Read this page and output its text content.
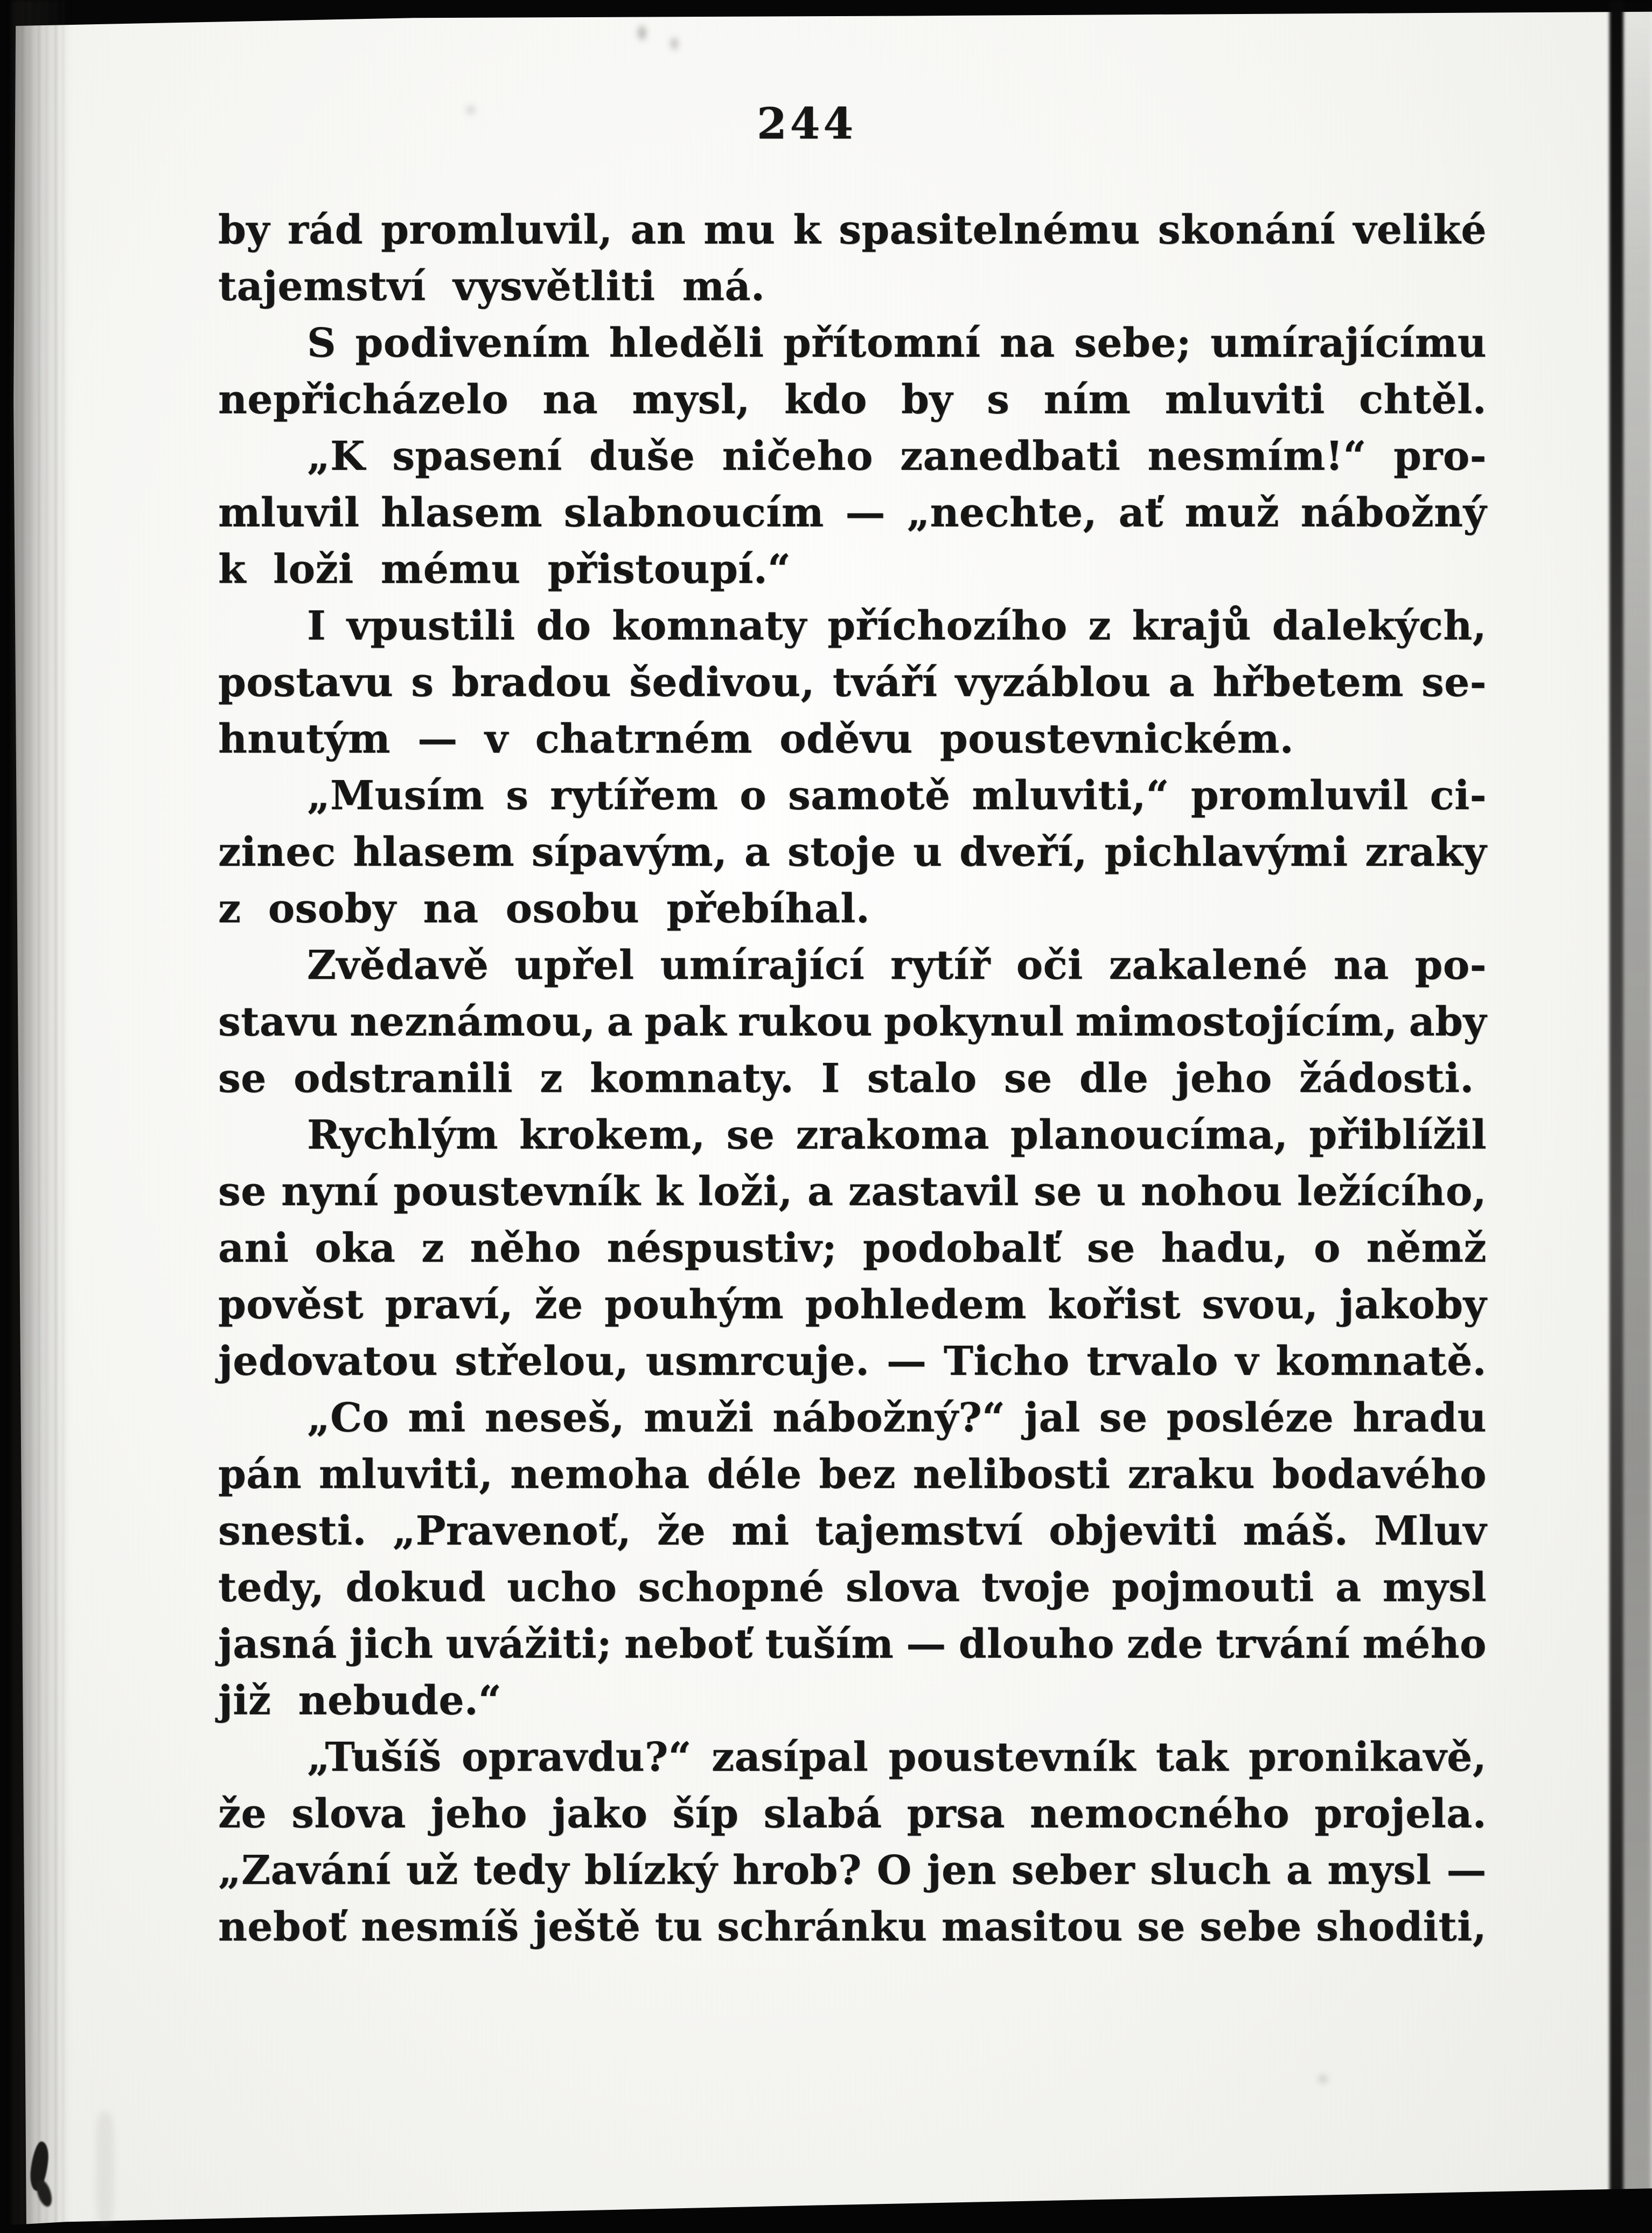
244
by rád promluvil, an mu k spasitelnému skonání veliké
tajemství vysvětliti má.
S podivením hleděli přítomní na sebe; umírajícímu
nepřicházelo na mysl, kdo by s ním mluviti chtěl.
„K spasení duše ničeho zanedbati nesmím!“ pro-
mluvil hlasem slabnoucím — „nechte, ať muž nábožný
k loži mému přistoupí.“
I vpustili do komnaty příchozího z krajů dalekých,
postavu s bradou šedivou, tváří vyzáblou a hřbetem se-
hnutým — v chatrném oděvu poustevnickém.
„Musím s rytířem o samotě mluviti,“ promluvil ci-
zinec hlasem sípavým, a stoje u dveří, pichlavými zraky
z osoby na osobu přebíhal.
Zvědavě upřel umírající rytíř oči zakalené na po-
stavu neznámou, a pak rukou pokynul mimostojícím, aby
se odstranili z komnaty. I stalo se dle jeho žádosti.
Rychlým krokem, se zrakoma planoucíma, přiblížil
se nyní poustevník k loži, a zastavil se u nohou ležícího,
ani oka z něho néspustiv; podobalť se hadu, o němž
pověst praví, že pouhým pohledem kořist svou, jakoby
jedovatou střelou, usmrcuje. — Ticho trvalo v komnatě.
„Co mi neseš, muži nábožný?“ jal se posléze hradu
pán mluviti, nemoha déle bez nelibosti zraku bodavého
snesti. „Pravenoť, že mi tajemství objeviti máš. Mluv
tedy, dokud ucho schopné slova tvoje pojmouti a mysl
jasná jich uvážiti; neboť tuším — dlouho zde trvání mého
již nebude.“
„Tušíš opravdu?“ zasípal poustevník tak pronikavě,
že slova jeho jako šíp slabá prsa nemocného projela.
„Zavání už tedy blízký hrob? O jen seber sluch a mysl —
neboť nesmíš ještě tu schránku masitou se sebe shoditi,
